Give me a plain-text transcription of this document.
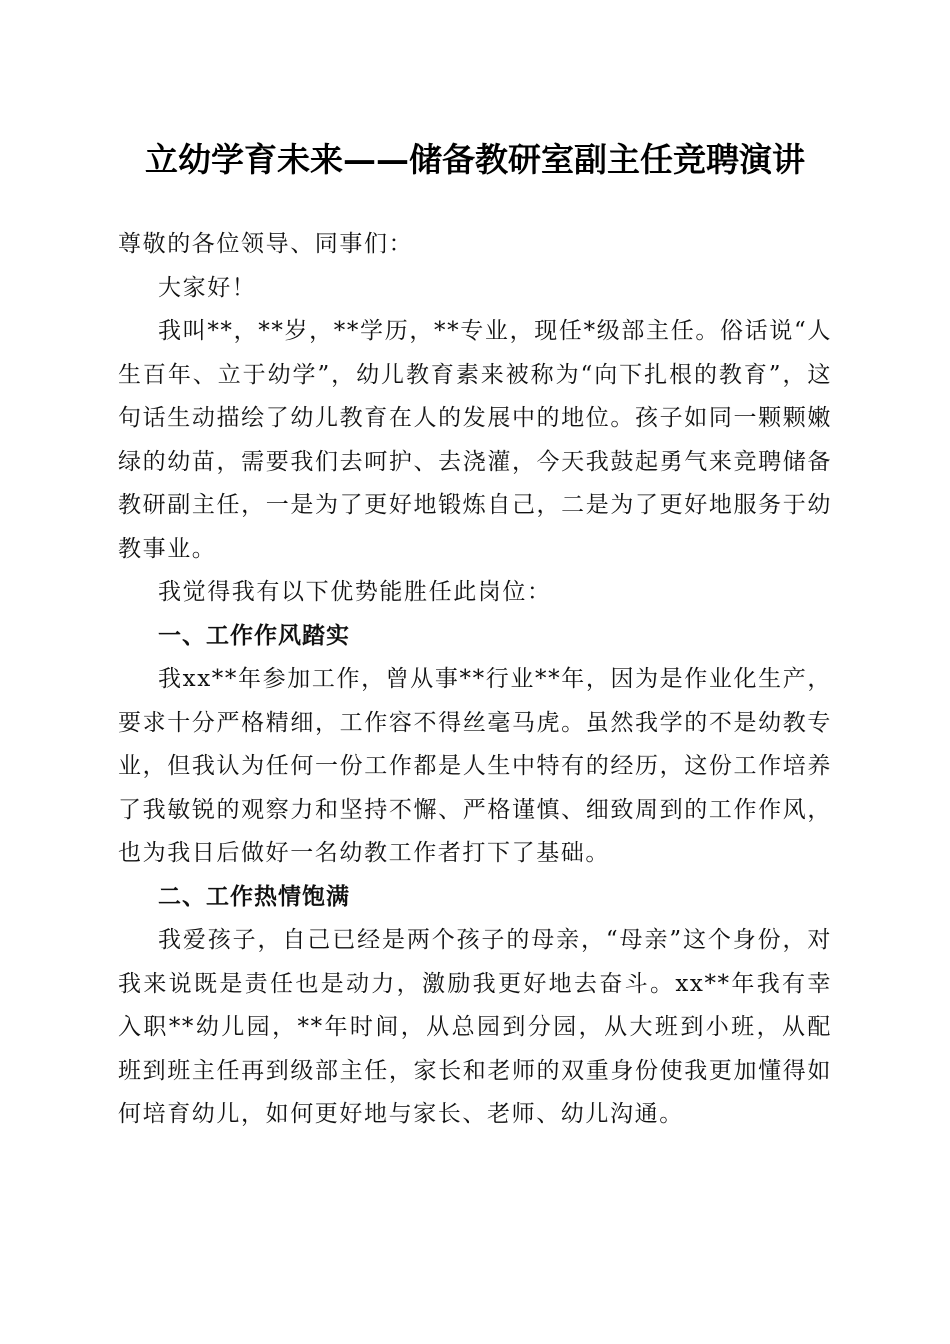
立幼学育未来——储备教研室副主任竞聘演讲

尊敬的各位领导、同事们：

大家好！

我叫**，**岁，**学历，**专业，现任*级部主任。俗话说“人生百年、立于幼学”，幼儿教育素来被称为“向下扎根的教育”，这句话生动描绘了幼儿教育在人的发展中的地位。孩子如同一颗颗嫩绿的幼苗，需要我们去呵护、去浇灌，今天我鼓起勇气来竞聘储备教研副主任，一是为了更好地锻炼自己，二是为了更好地服务于幼教事业。

我觉得我有以下优势能胜任此岗位：

一、工作作风踏实

我xx**年参加工作，曾从事**行业**年，因为是作业化生产，要求十分严格精细，工作容不得丝毫马虎。虽然我学的不是幼教专业，但我认为任何一份工作都是人生中特有的经历，这份工作培养了我敏锐的观察力和坚持不懈、严格谨慎、细致周到的工作作风，也为我日后做好一名幼教工作者打下了基础。

二、工作热情饱满

我爱孩子，自己已经是两个孩子的母亲，“母亲”这个身份，对我来说既是责任也是动力，激励我更好地去奋斗。xx**年我有幸入职**幼儿园，**年时间，从总园到分园，从大班到小班，从配班到班主任再到级部主任，家长和老师的双重身份使我更加懂得如何培育幼儿，如何更好地与家长、老师、幼儿沟通。
